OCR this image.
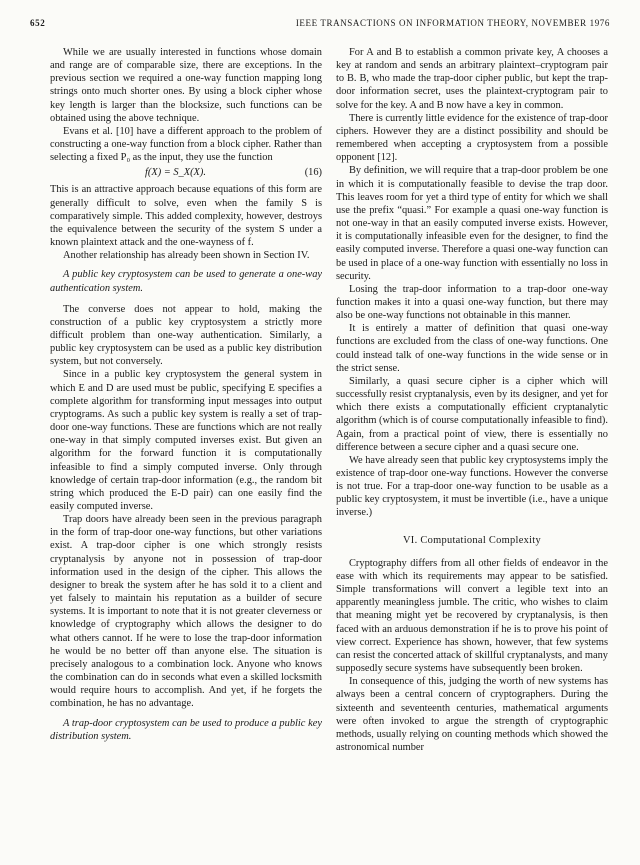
652	IEEE TRANSACTIONS ON INFORMATION THEORY, NOVEMBER 1976

While we are usually interested in functions whose domain and range are of comparable size, there are exceptions. In the previous section we required a one-way function mapping long strings onto much shorter ones. By using a block cipher whose key length is larger than the blocksize, such functions can be obtained using the above technique.

Evans et al. [10] have a different approach to the problem of constructing a one-way function from a block cipher. Rather than selecting a fixed P₀ as the input, they use the function

f(X) = S_X(X).	(16)

This is an attractive approach because equations of this form are generally difficult to solve, even when the family S is comparatively simple. This added complexity, however, destroys the equivalence between the security of the system S under a known plaintext attack and the one-wayness of f.

Another relationship has already been shown in Section IV.

A public key cryptosystem can be used to generate a one-way authentication system.

The converse does not appear to hold, making the construction of a public key cryptosystem a strictly more difficult problem than one-way authentication. Similarly, a public key cryptosystem can be used as a public key distribution system, but not conversely.

Since in a public key cryptosystem the general system in which E and D are used must be public, specifying E specifies a complete algorithm for transforming input messages into output cryptograms. As such a public key system is really a set of trap-door one-way functions. These are functions which are not really one-way in that simply computed inverses exist. But given an algorithm for the forward function it is computationally infeasible to find a simply computed inverse. Only through knowledge of certain trap-door information (e.g., the random bit string which produced the E-D pair) can one easily find the easily computed inverse.

Trap doors have already been seen in the previous paragraph in the form of trap-door one-way functions, but other variations exist. A trap-door cipher is one which strongly resists cryptanalysis by anyone not in possession of trap-door information used in the design of the cipher. This allows the designer to break the system after he has sold it to a client and yet falsely to maintain his reputation as a builder of secure systems. It is important to note that it is not greater cleverness or knowledge of cryptography which allows the designer to do what others cannot. If he were to lose the trap-door information he would be no better off than anyone else. The situation is precisely analogous to a combination lock. Anyone who knows the combination can do in seconds what even a skilled locksmith would require hours to accomplish. And yet, if he forgets the combination, he has no advantage.

A trap-door cryptosystem can be used to produce a public key distribution system.

For A and B to establish a common private key, A chooses a key at random and sends an arbitrary plaintext–cryptogram pair to B. B, who made the trap-door cipher public, but kept the trap-door information secret, uses the plaintext-cryptogram pair to solve for the key. A and B now have a key in common.

There is currently little evidence for the existence of trap-door ciphers. However they are a distinct possibility and should be remembered when accepting a cryptosystem from a possible opponent [12].

By definition, we will require that a trap-door problem be one in which it is computationally feasible to devise the trap door. This leaves room for yet a third type of entity for which we shall use the prefix “quasi.” For example a quasi one-way function is not one-way in that an easily computed inverse exists. However, it is computationally infeasible even for the designer, to find the easily computed inverse. Therefore a quasi one-way function can be used in place of a one-way function with essentially no loss in security.

Losing the trap-door information to a trap-door one-way function makes it into a quasi one-way function, but there may also be one-way functions not obtainable in this manner.

It is entirely a matter of definition that quasi one-way functions are excluded from the class of one-way functions. One could instead talk of one-way functions in the wide sense or in the strict sense.

Similarly, a quasi secure cipher is a cipher which will successfully resist cryptanalysis, even by its designer, and yet for which there exists a computationally efficient cryptanalytic algorithm (which is of course computationally infeasible to find). Again, from a practical point of view, there is essentially no difference between a secure cipher and a quasi secure one.

We have already seen that public key cryptosystems imply the existence of trap-door one-way functions. However the converse is not true. For a trap-door one-way function to be usable as a public key cryptosystem, it must be invertible (i.e., have a unique inverse.)

VI. Computational Complexity

Cryptography differs from all other fields of endeavor in the ease with which its requirements may appear to be satisfied. Simple transformations will convert a legible text into an apparently meaningless jumble. The critic, who wishes to claim that meaning might yet be recovered by cryptanalysis, is then faced with an arduous demonstration if he is to prove his point of view correct. Experience has shown, however, that few systems can resist the concerted attack of skillful cryptanalysts, and many supposedly secure systems have subsequently been broken.

In consequence of this, judging the worth of new systems has always been a central concern of cryptographers. During the sixteenth and seventeenth centuries, mathematical arguments were often invoked to argue the strength of cryptographic methods, usually relying on counting methods which showed the astronomical number
